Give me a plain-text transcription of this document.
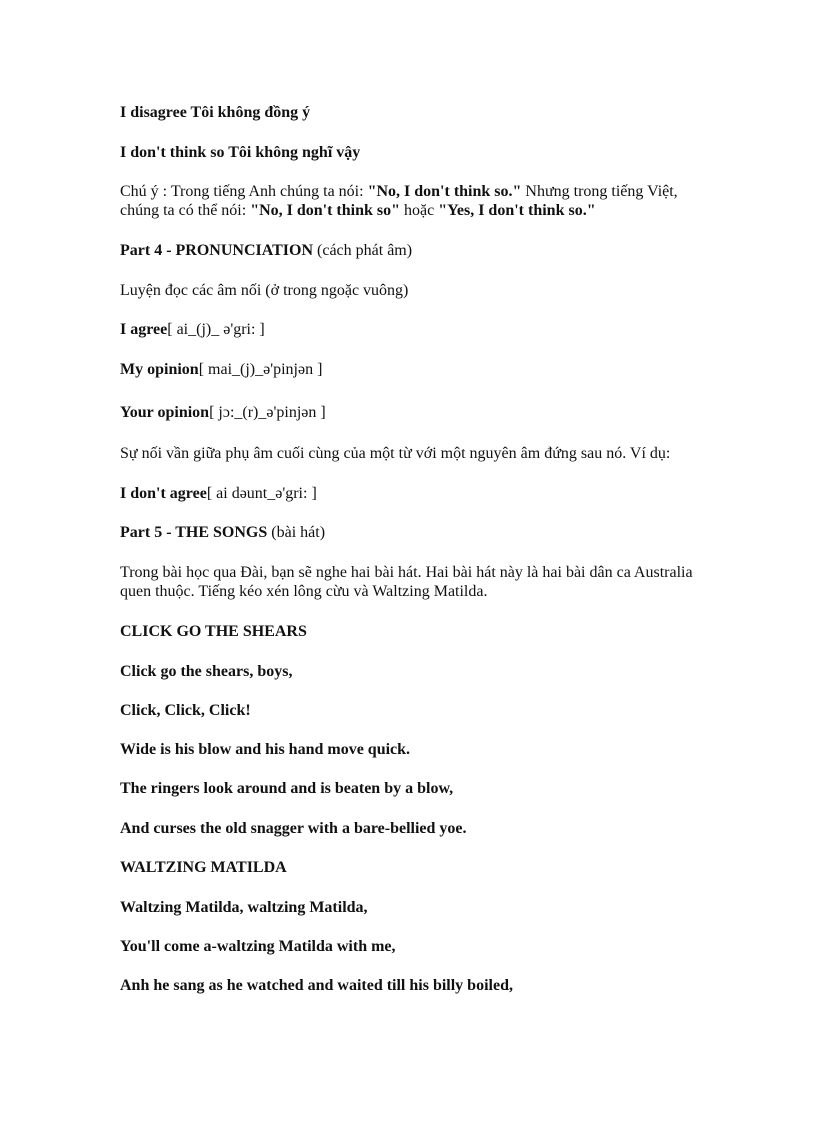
I disagree Tôi không đồng ý
I don't think so Tôi không nghĩ vậy
Chú ý : Trong tiếng Anh chúng ta nói: "No, I don't think so." Nhưng trong tiếng Việt, chúng ta có thể nói: "No, I don't think so" hoặc "Yes, I don't think so."
Part 4 - PRONUNCIATION (cách phát âm)
Luyện đọc các âm nối (ở trong ngoặc vuông)
I agree[ ai_(j)_ ə'gri: ]
My opinion[ mai_(j)_ə'pinjən ]
Your opinion[ jɔ:_(r)_ə'pinjən ]
Sự nối vần giữa phụ âm cuối cùng của một từ với một nguyên âm đứng sau nó. Ví dụ:
I don't agree[ ai dəunt_ə'gri: ]
Part 5 - THE SONGS (bài hát)
Trong bài học qua Đài, bạn sẽ nghe hai bài hát. Hai bài hát này là hai bài dân ca Australia quen thuộc. Tiếng kéo xén lông cừu và Waltzing Matilda.
CLICK GO THE SHEARS
Click go the shears, boys,
Click, Click, Click!
Wide is his blow and his hand move quick.
The ringers look around and is beaten by a blow,
And curses the old snagger with a bare-bellied yoe.
WALTZING MATILDA
Waltzing Matilda, waltzing Matilda,
You'll come a-waltzing Matilda with me,
Anh he sang as he watched and waited till his billy boiled,
